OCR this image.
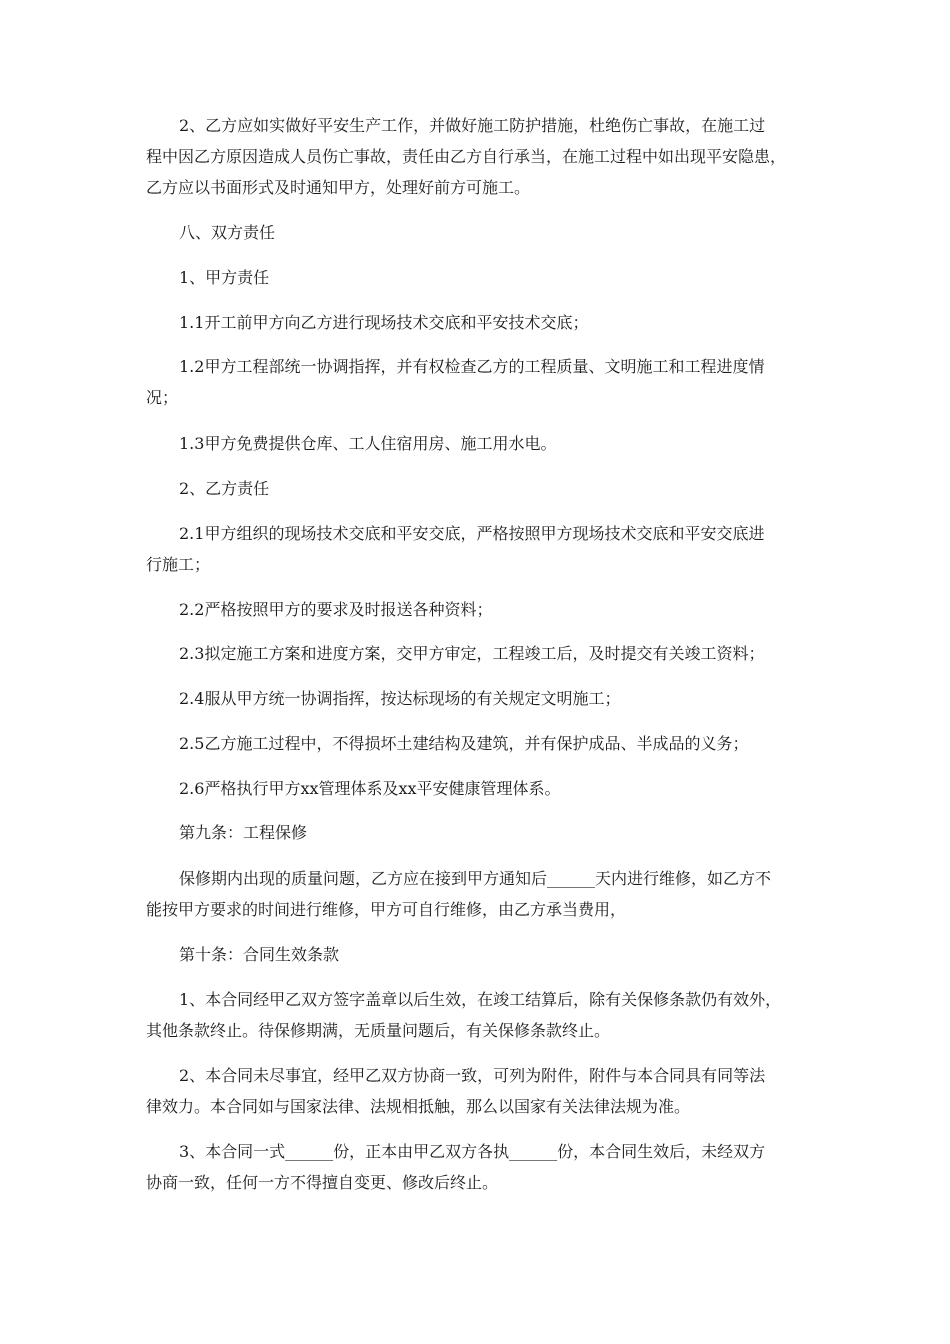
2、乙方应如实做好平安生产工作，并做好施工防护措施，杜绝伤亡事故，在施工过
程中因乙方原因造成人员伤亡事故，责任由乙方自行承当，在施工过程中如出现平安隐患，
乙方应以书面形式及时通知甲方，处理好前方可施工。
八、双方责任
1、甲方责任
1.1开工前甲方向乙方进行现场技术交底和平安技术交底；
1.2甲方工程部统一协调指挥，并有权检查乙方的工程质量、文明施工和工程进度情
况；
1.3甲方免费提供仓库、工人住宿用房、施工用水电。
2、乙方责任
2.1甲方组织的现场技术交底和平安交底，严格按照甲方现场技术交底和平安交底进
行施工；
2.2严格按照甲方的要求及时报送各种资料；
2.3拟定施工方案和进度方案，交甲方审定，工程竣工后，及时提交有关竣工资料；
2.4服从甲方统一协调指挥，按达标现场的有关规定文明施工；
2.5乙方施工过程中，不得损坏土建结构及建筑，并有保护成品、半成品的义务；
2.6严格执行甲方xx管理体系及xx平安健康管理体系。
第九条：工程保修
保修期内出现的质量问题，乙方应在接到甲方通知后______天内进行维修，如乙方不
能按甲方要求的时间进行维修，甲方可自行维修，由乙方承当费用，
第十条：合同生效条款
1、本合同经甲乙双方签字盖章以后生效，在竣工结算后，除有关保修条款仍有效外，
其他条款终止。待保修期满，无质量问题后，有关保修条款终止。
2、本合同未尽事宜，经甲乙双方协商一致，可列为附件，附件与本合同具有同等法
律效力。本合同如与国家法律、法规相抵触，那么以国家有关法律法规为准。
3、本合同一式______份，正本由甲乙双方各执______份，本合同生效后，未经双方
协商一致，任何一方不得擅自变更、修改后终止。
